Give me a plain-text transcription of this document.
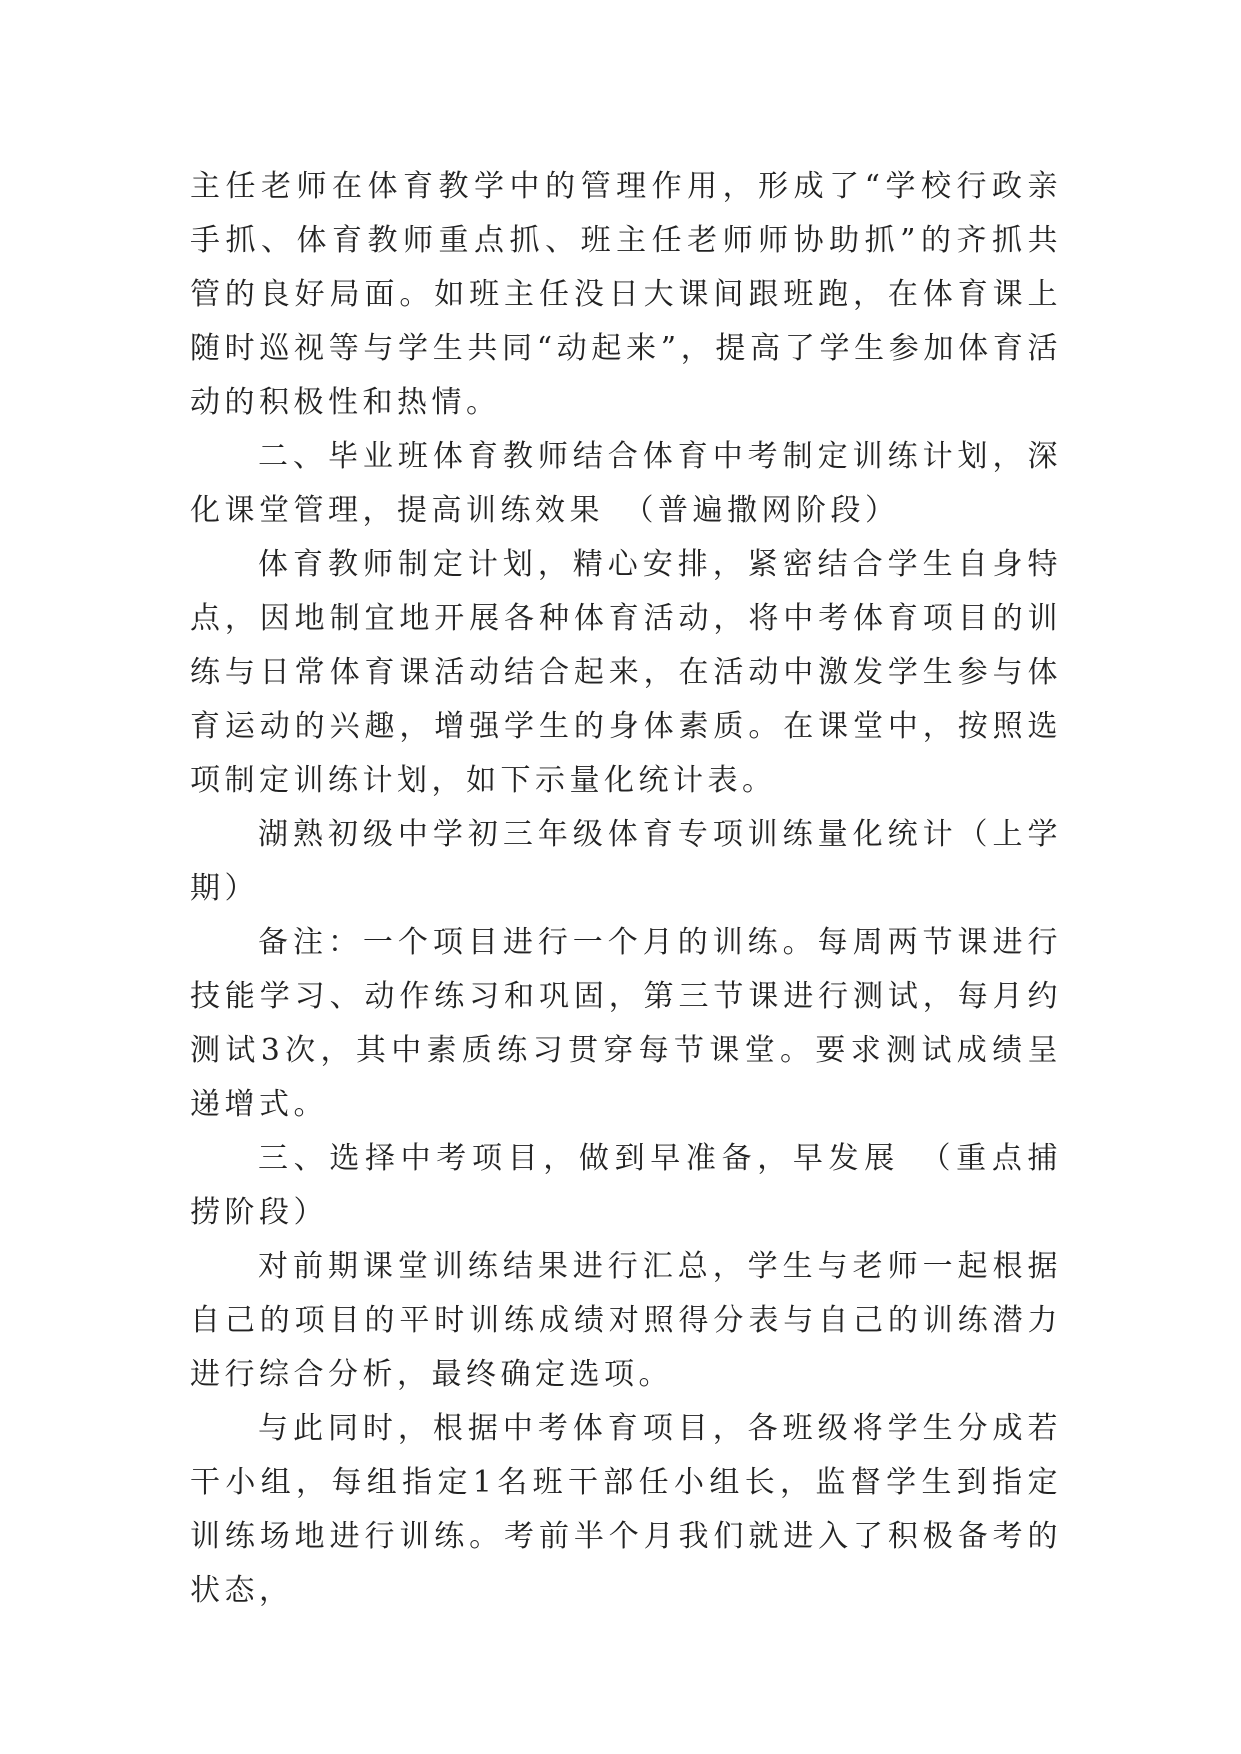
主任老师在体育教学中的管理作用，形成了“学校行政亲手抓、体育教师重点抓、班主任老师师协助抓”的齐抓共管的良好局面。如班主任没日大课间跟班跑，在体育课上随时巡视等与学生共同“动起来”，提高了学生参加体育活动的积极性和热情。

二、毕业班体育教师结合体育中考制定训练计划，深化课堂管理，提高训练效果　（普遍撒网阶段）

体育教师制定计划，精心安排，紧密结合学生自身特点，因地制宜地开展各种体育活动，将中考体育项目的训练与日常体育课活动结合起来，在活动中激发学生参与体育运动的兴趣，增强学生的身体素质。在课堂中，按照选项制定训练计划，如下示量化统计表。

湖熟初级中学初三年级体育专项训练量化统计（上学期）

备注：一个项目进行一个月的训练。每周两节课进行技能学习、动作练习和巩固，第三节课进行测试，每月约测试3次，其中素质练习贯穿每节课堂。要求测试成绩呈递增式。

三、选择中考项目，做到早准备，早发展　（重点捕捞阶段）

对前期课堂训练结果进行汇总，学生与老师一起根据自己的项目的平时训练成绩对照得分表与自己的训练潜力进行综合分析，最终确定选项。

与此同时，根据中考体育项目，各班级将学生分成若干小组，每组指定1名班干部任小组长，监督学生到指定训练场地进行训练。考前半个月我们就进入了积极备考的状态，
